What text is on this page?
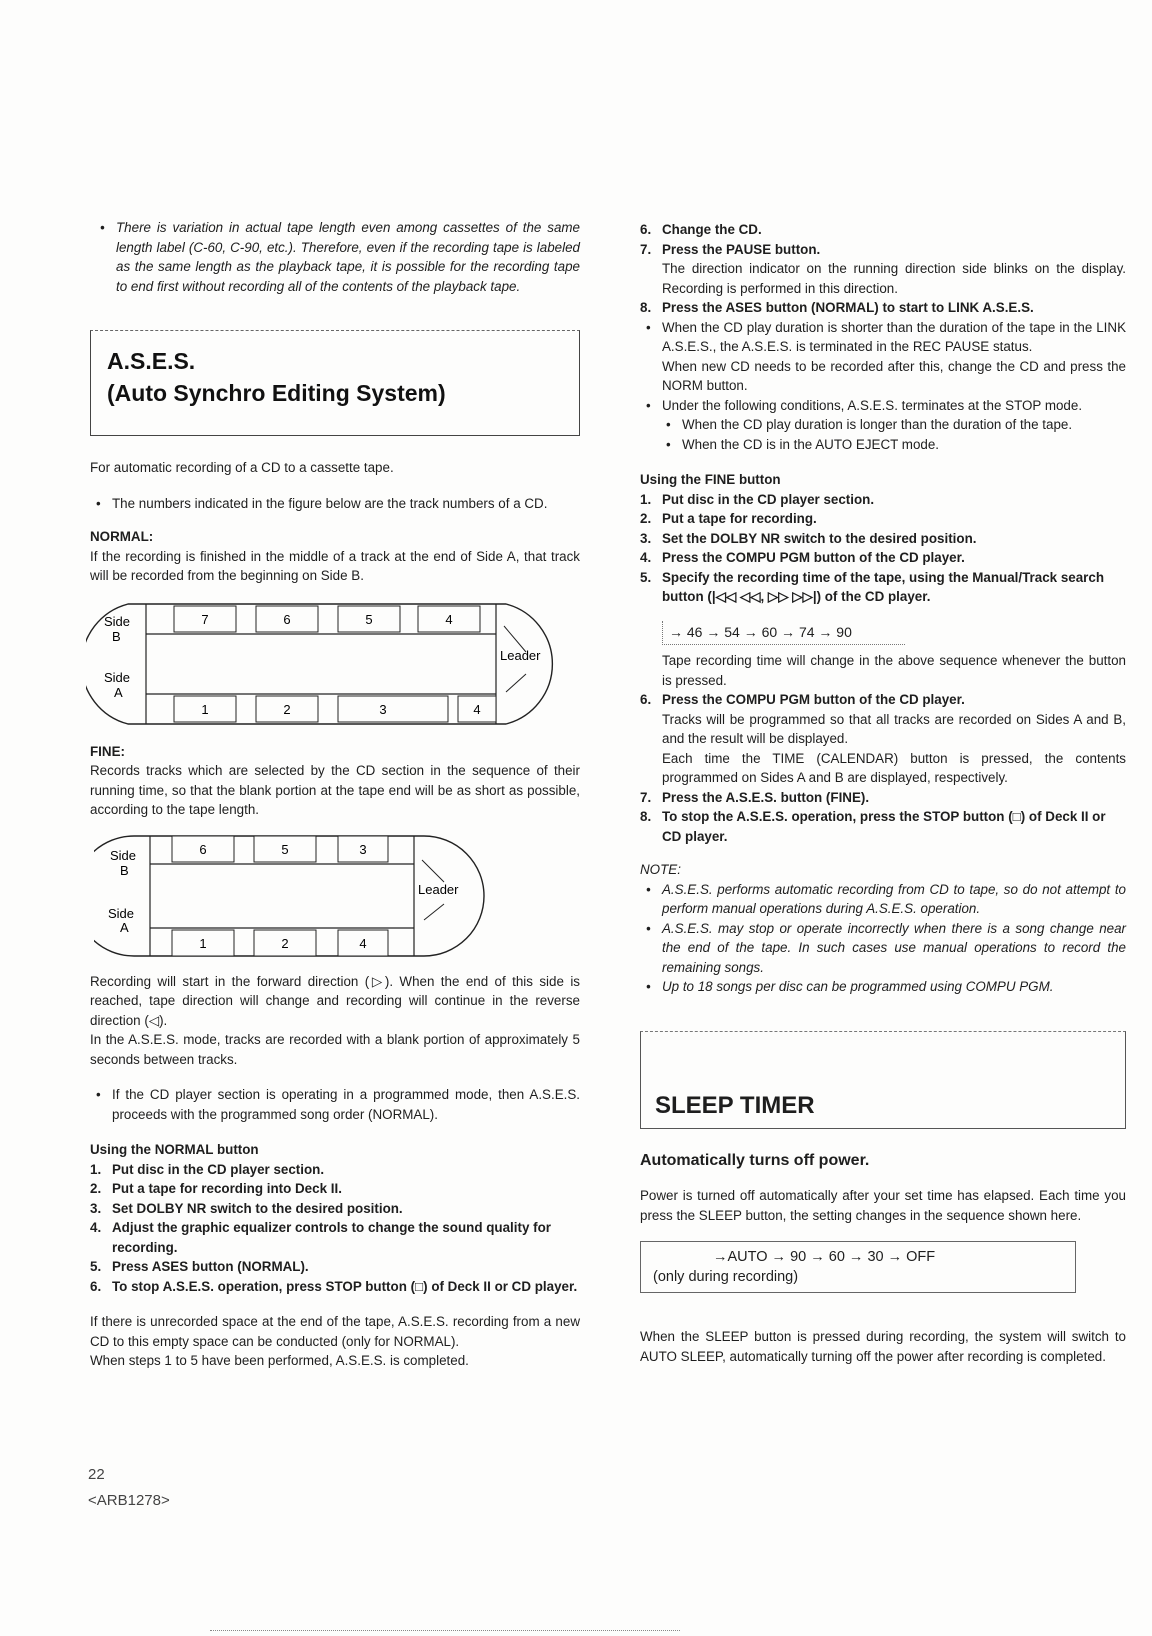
• There is variation in actual tape length even among cassettes of the same length label (C-60, C-90, etc.). Therefore, even if the recording tape is labeled as the same length as the playback tape, it is possible for the recording tape to end first without recording all of the contents of the playback tape.

A.S.E.S.
(Auto Synchro Editing System)

For automatic recording of a CD to a cassette tape.

• The numbers indicated in the figure below are the track numbers of a CD.

NORMAL:

If the recording is finished in the middle of a track at the end of Side A, that track will be recorded from the beginning on Side B.

Side
B
Side
A
Leader
7	6	5	4
1	2	3	4

FINE:

Records tracks which are selected by the CD section in the sequence of their running time, so that the blank portion at the tape end will be as short as possible, according to the tape length.

Side
B
Side
A
Leader
6	5	3
1	2	4

Recording will start in the forward direction (▷). When the end of this side is reached, tape direction will change and recording will continue in the reverse direction (◁).

In the A.S.E.S. mode, tracks are recorded with a blank portion of approximately 5 seconds between tracks.

• If the CD player section is operating in a programmed mode, then A.S.E.S. proceeds with the programmed song order (NORMAL).

Using the NORMAL button

1. Put disc in the CD player section.

2. Put a tape for recording into Deck II.

3. Set DOLBY NR switch to the desired position.

4. Adjust the graphic equalizer controls to change the sound quality for recording.

5. Press ASES button (NORMAL).

6. To stop A.S.E.S. operation, press STOP button (□) of Deck II or CD player.

If there is unrecorded space at the end of the tape, A.S.E.S. recording from a new CD to this empty space can be conducted (only for NORMAL).

When steps 1 to 5 have been performed, A.S.E.S. is completed.

22
<ARB1278>

6. Change the CD.

7. Press the PAUSE button.

The direction indicator on the running direction side blinks on the display. Recording is performed in this direction.

8. Press the ASES button (NORMAL) to start to LINK A.S.E.S.

• When the CD play duration is shorter than the duration of the tape in the LINK A.S.E.S., the A.S.E.S. is terminated in the REC PAUSE status.

When new CD needs to be recorded after this, change the CD and press the NORM button.

• Under the following conditions, A.S.E.S. terminates at the STOP mode.

• When the CD play duration is longer than the duration of the tape.

• When the CD is in the AUTO EJECT mode.

Using the FINE button

1. Put disc in the CD player section.

2. Put a tape for recording.

3. Set the DOLBY NR switch to the desired position.

4. Press the COMPU PGM button of the CD player.

5. Specify the recording time of the tape, using the Manual/Track search button (|◁◁ ◁◁, ▷▷ ▷▷|) of the CD player.

→ 46 → 54 → 60 → 74 → 90

Tape recording time will change in the above sequence whenever the button is pressed.

6. Press the COMPU PGM button of the CD player.

Tracks will be programmed so that all tracks are recorded on Sides A and B, and the result will be displayed.

Each time the TIME (CALENDAR) button is pressed, the contents programmed on Sides A and B are displayed, respectively.

7. Press the A.S.E.S. button (FINE).

8. To stop the A.S.E.S. operation, press the STOP button (□) of Deck II or CD player.

NOTE:

• A.S.E.S. performs automatic recording from CD to tape, so do not attempt to perform manual operations during A.S.E.S. operation.

• A.S.E.S. may stop or operate incorrectly when there is a song change near the end of the tape. In such cases use manual operations to record the remaining songs.

• Up to 18 songs per disc can be programmed using COMPU PGM.

SLEEP TIMER

Automatically turns off power.

Power is turned off automatically after your set time has elapsed. Each time you press the SLEEP button, the setting changes in the sequence shown here.

→AUTO → 90 → 60 → 30 → OFF
(only during recording)

When the SLEEP button is pressed during recording, the system will switch to AUTO SLEEP, automatically turning off the power after recording is completed.
